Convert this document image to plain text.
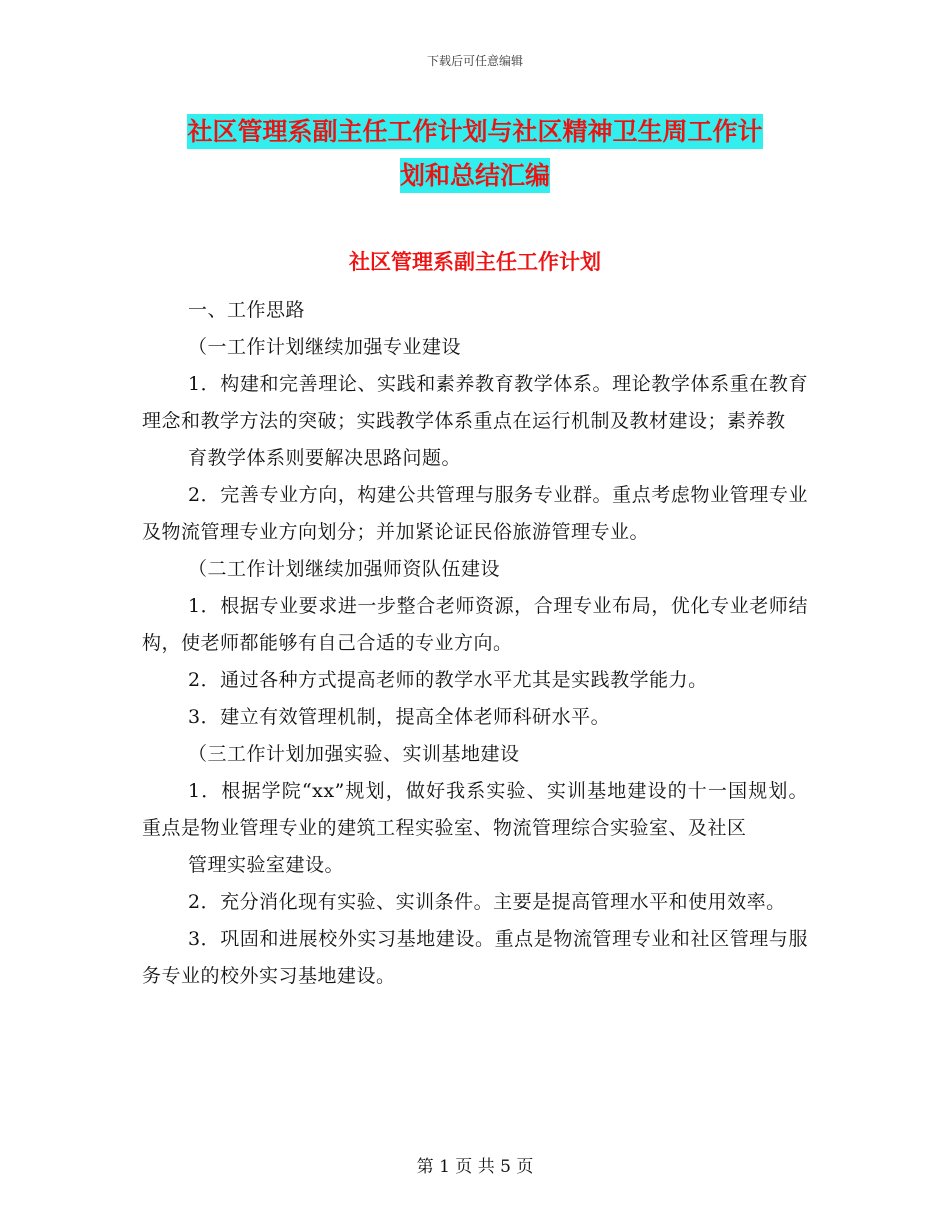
下载后可任意编辑
社区管理系副主任工作计划与社区精神卫生周工作计
划和总结汇编
社区管理系副主任工作计划

一、工作思路

（一工作计划继续加强专业建设

1．构建和完善理论、实践和素养教育教学体系。理论教学体系重在教育理念和教学方法的突破；实践教学体系重点在运行机制及教材建设；素养教

育教学体系则要解决思路问题。

2．完善专业方向，构建公共管理与服务专业群。重点考虑物业管理专业及物流管理专业方向划分；并加紧论证民俗旅游管理专业。

（二工作计划继续加强师资队伍建设

1．根据专业要求进一步整合老师资源，合理专业布局，优化专业老师结构，使老师都能够有自己合适的专业方向。

2．通过各种方式提高老师的教学水平尤其是实践教学能力。

3．建立有效管理机制，提高全体老师科研水平。

（三工作计划加强实验、实训基地建设

1．根据学院“xx”规划，做好我系实验、实训基地建设的十一国规划。重点是物业管理专业的建筑工程实验室、物流管理综合实验室、及社区

管理实验室建设。

2．充分消化现有实验、实训条件。主要是提高管理水平和使用效率。

3．巩固和进展校外实习基地建设。重点是物流管理专业和社区管理与服务专业的校外实习基地建设。

第 1 页 共 5 页
